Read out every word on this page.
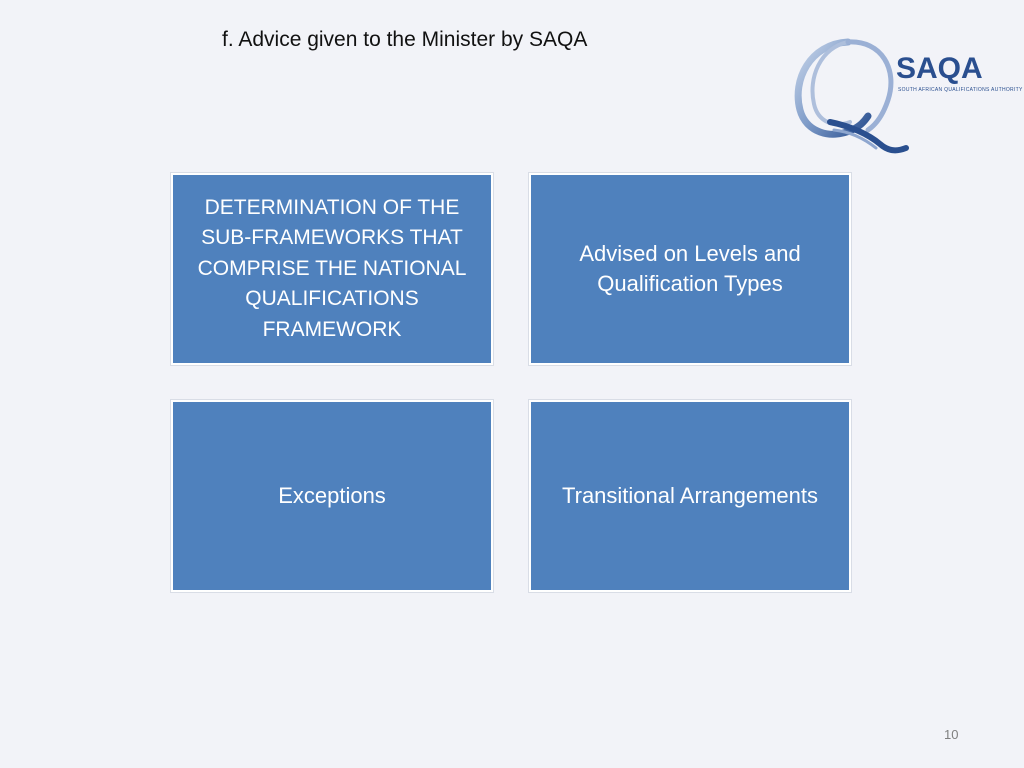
f. Advice given to the Minister by SAQA
SAQA
SOUTH AFRICAN QUALIFICATIONS AUTHORITY
DETERMINATION OF THE SUB-FRAMEWORKS THAT COMPRISE THE NATIONAL QUALIFICATIONS FRAMEWORK
Advised on Levels and Qualification Types
Exceptions	Transitional Arrangements
10
